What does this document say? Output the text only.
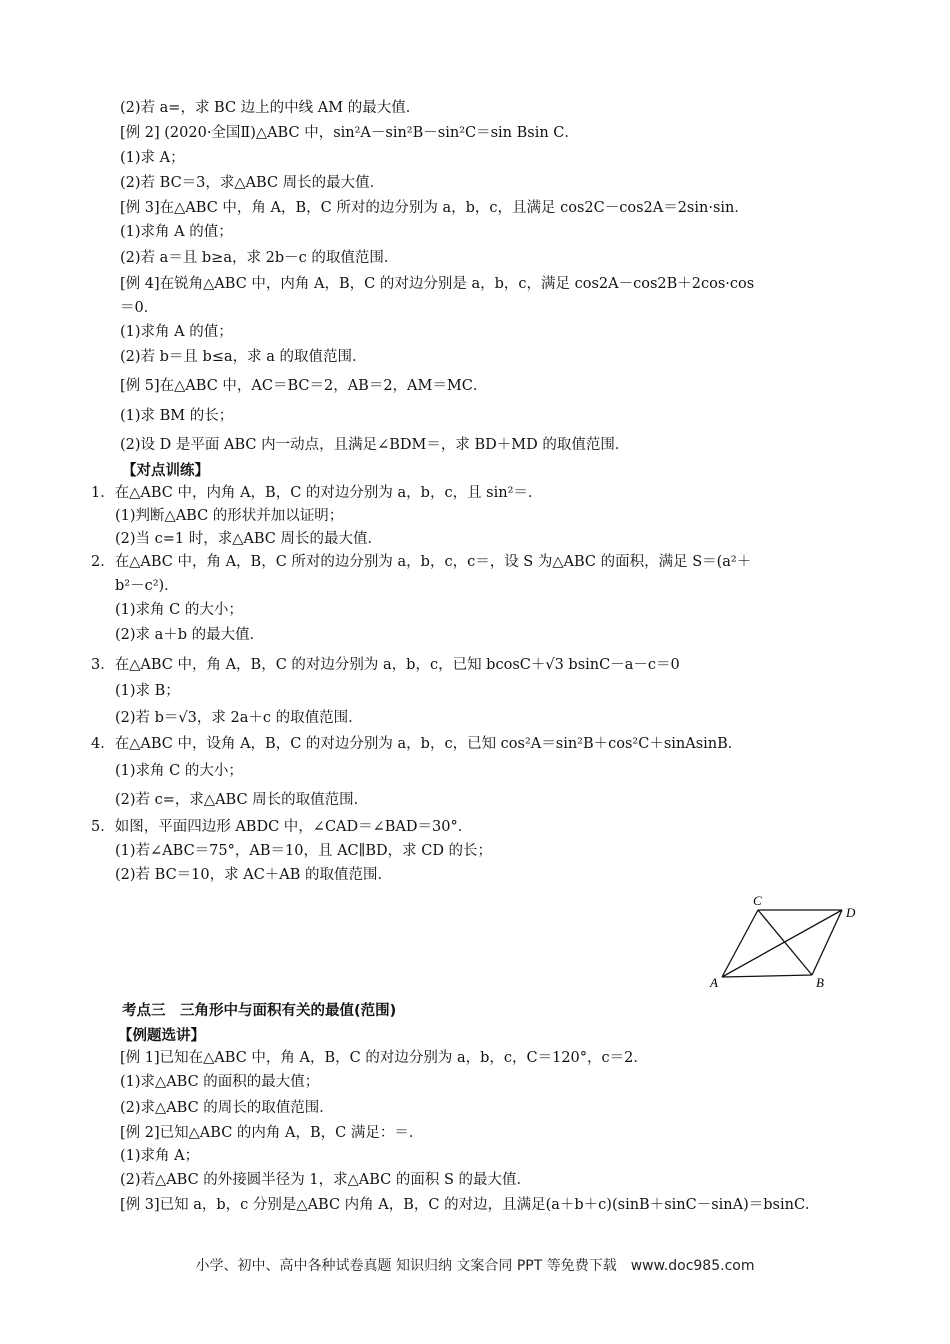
(2)若 a=，求 BC 边上的中线 AM 的最大值．
[例 2] (2020·全国Ⅱ)△ABC 中，sin²A－sin²B－sin²C＝sin Bsin C．
(1)求 A；
(2)若 BC＝3，求△ABC 周长的最大值．
[例 3]在△ABC 中，角 A，B，C 所对的边分别为 a，b，c，且满足 cos2C－cos2A＝2sin·sin．
(1)求角 A 的值；
(2)若 a＝且 b≥a，求 2b－c 的取值范围．
[例 4]在锐角△ABC 中，内角 A，B，C 的对边分别是 a，b，c，满足 cos2A－cos2B＋2cos·cos
＝0．
(1)求角 A 的值；
(2)若 b＝且 b≤a，求 a 的取值范围．
[例 5]在△ABC 中，AC＝BC＝2，AB＝2，AM＝MC．
(1)求 BM 的长；
(2)设 D 是平面 ABC 内一动点，且满足∠BDM＝，求 BD＋MD 的取值范围．
【对点训练】
1．在△ABC 中，内角 A，B，C 的对边分别为 a，b，c，且 sin²＝．
(1)判断△ABC 的形状并加以证明；
(2)当 c=1 时，求△ABC 周长的最大值．
2．在△ABC 中，角 A，B，C 所对的边分别为 a，b，c，c＝，设 S 为△ABC 的面积，满足 S＝(a²＋
b²－c²)．
(1)求角 C 的大小；
(2)求 a＋b 的最大值．
3．在△ABC 中，角 A，B，C 的对边分别为 a，b，c，已知 bcosC＋√3 bsinC－a－c＝0
(1)求 B；
(2)若 b＝√3，求 2a＋c 的取值范围．
4．在△ABC 中，设角 A，B，C 的对边分别为 a，b，c，已知 cos²A＝sin²B＋cos²C＋sinAsinB．
(1)求角 C 的大小；
(2)若 c=，求△ABC 周长的取值范围．
5．如图，平面四边形 ABDC 中，∠CAD＝∠BAD＝30°．
(1)若∠ABC＝75°，AB＝10，且 AC∥BD，求 CD 的长；
(2)若 BC＝10，求 AC＋AB 的取值范围．
C
D
A	B
考点三　三角形中与面积有关的最值(范围)
【例题选讲】
[例 1]已知在△ABC 中，角 A，B，C 的对边分别为 a，b，c，C＝120°，c＝2．
(1)求△ABC 的面积的最大值；
(2)求△ABC 的周长的取值范围．
[例 2]已知△ABC 的内角 A，B，C 满足：＝．
(1)求角 A；
(2)若△ABC 的外接圆半径为 1，求△ABC 的面积 S 的最大值．
[例 3]已知 a，b，c 分别是△ABC 内角 A，B，C 的对边，且满足(a＋b＋c)(sinB＋sinC－sinA)＝bsinC．
小学、初中、高中各种试卷真题 知识归纳 文案合同 PPT 等免费下载　www.doc985.com
